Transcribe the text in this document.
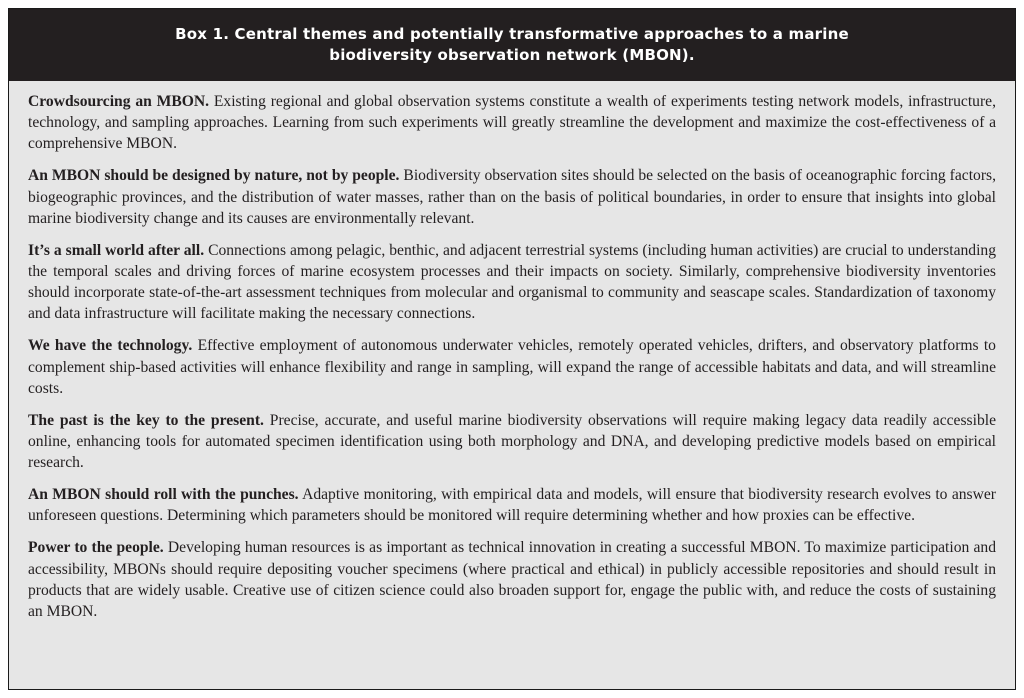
Box 1. Central themes and potentially transformative approaches to a marine biodiversity observation network (MBON).

Crowdsourcing an MBON. Existing regional and global observation systems constitute a wealth of experiments testing network models, infrastructure, technology, and sampling approaches. Learning from such experiments will greatly streamline the development and maximize the cost-effectiveness of a comprehensive MBON.

An MBON should be designed by nature, not by people. Biodiversity observation sites should be selected on the basis of oceanographic forcing factors, biogeographic provinces, and the distribution of water masses, rather than on the basis of political boundaries, in order to ensure that insights into global marine biodiversity change and its causes are environmentally relevant.

It’s a small world after all. Connections among pelagic, benthic, and adjacent terrestrial systems (including human activities) are crucial to understanding the temporal scales and driving forces of marine ecosystem processes and their impacts on society. Similarly, comprehensive biodiversity inventories should incorporate state-of-the-art assessment techniques from molecular and organismal to community and seascape scales. Standardization of taxonomy and data infrastructure will facilitate making the necessary connections.

We have the technology. Effective employment of autonomous underwater vehicles, remotely operated vehicles, drifters, and observatory platforms to complement ship-based activities will enhance flexibility and range in sampling, will expand the range of accessible habitats and data, and will streamline costs.

The past is the key to the present. Precise, accurate, and useful marine biodiversity observations will require making legacy data readily accessible online, enhancing tools for automated specimen identification using both morphology and DNA, and developing predictive models based on empirical research.

An MBON should roll with the punches. Adaptive monitoring, with empirical data and models, will ensure that biodiversity research evolves to answer unforeseen questions. Determining which parameters should be monitored will require determining whether and how proxies can be effective.

Power to the people. Developing human resources is as important as technical innovation in creating a successful MBON. To maximize participation and accessibility, MBONs should require depositing voucher specimens (where practical and ethical) in publicly accessible repositories and should result in products that are widely usable. Creative use of citizen science could also broaden support for, engage the public with, and reduce the costs of sustaining an MBON.
